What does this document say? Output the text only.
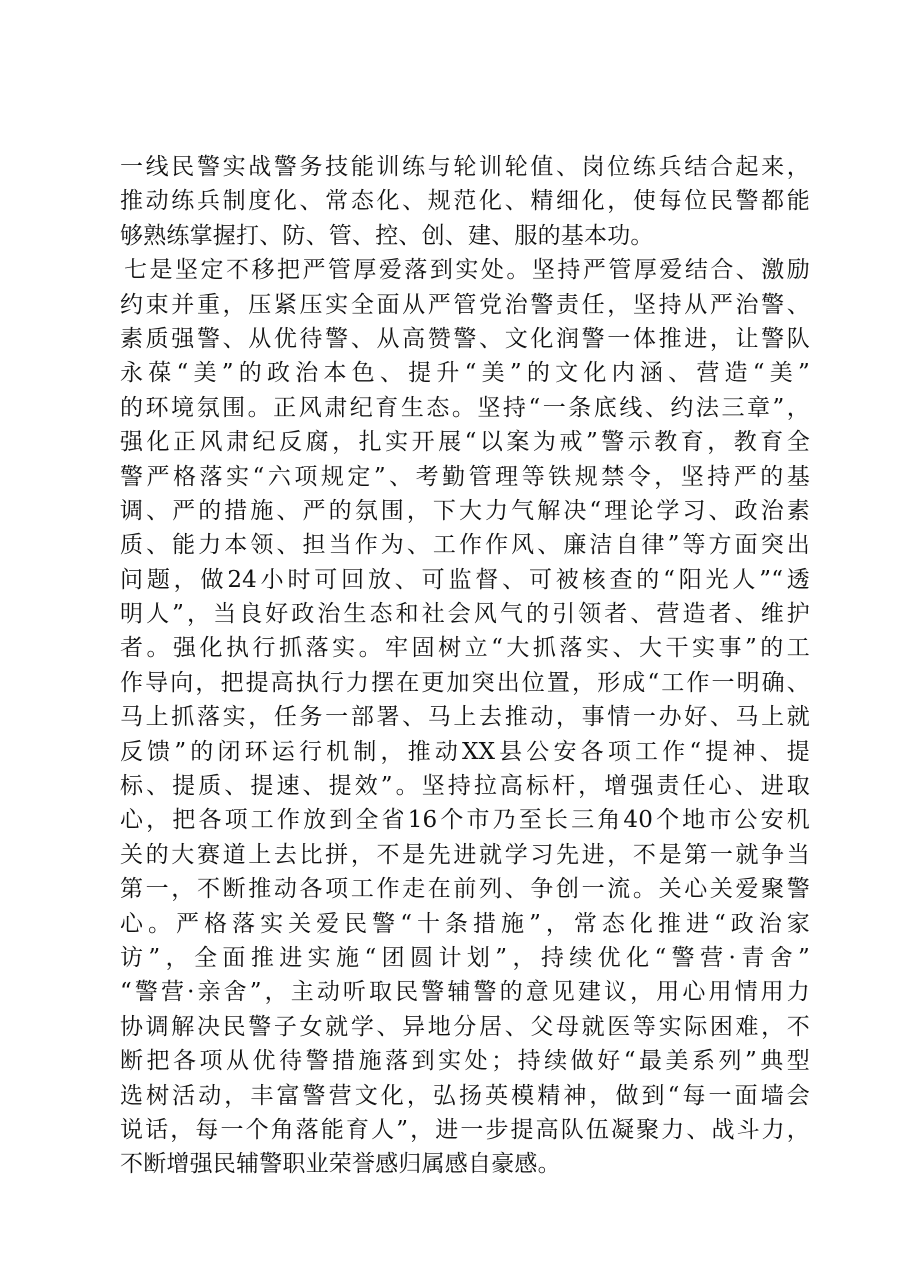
一线民警实战警务技能训练与轮训轮值、岗位练兵结合起来，
推动练兵制度化、常态化、规范化、精细化，使每位民警都能
够熟练掌握打、防、管、控、创、建、服的基本功。
七是坚定不移把严管厚爱落到实处。坚持严管厚爱结合、激励
约束并重，压紧压实全面从严管党治警责任，坚持从严治警、
素质强警、从优待警、从高赞警、文化润警一体推进，让警队
永葆“美”的政治本色、提升“美”的文化内涵、营造“美”
的环境氛围。正风肃纪育生态。坚持“一条底线、约法三章”，
强化正风肃纪反腐，扎实开展“以案为戒”警示教育，教育全
警严格落实“六项规定”、考勤管理等铁规禁令，坚持严的基
调、严的措施、严的氛围，下大力气解决“理论学习、政治素
质、能力本领、担当作为、工作作风、廉洁自律”等方面突出
问题，做24小时可回放、可监督、可被核查的“阳光人”“透
明人”，当良好政治生态和社会风气的引领者、营造者、维护
者。强化执行抓落实。牢固树立“大抓落实、大干实事”的工
作导向，把提高执行力摆在更加突出位置，形成“工作一明确、
马上抓落实，任务一部署、马上去推动，事情一办好、马上就
反馈”的闭环运行机制，推动XX县公安各项工作“提神、提
标、提质、提速、提效”。坚持拉高标杆，增强责任心、进取
心，把各项工作放到全省16个市乃至长三角40个地市公安机
关的大赛道上去比拼，不是先进就学习先进，不是第一就争当
第一，不断推动各项工作走在前列、争创一流。关心关爱聚警
心。严格落实关爱民警“十条措施”，常态化推进“政治家
访”，全面推进实施“团圆计划”，持续优化“警营·青舍”
“警营·亲舍”，主动听取民警辅警的意见建议，用心用情用力
协调解决民警子女就学、异地分居、父母就医等实际困难，不
断把各项从优待警措施落到实处；持续做好“最美系列”典型
选树活动，丰富警营文化，弘扬英模精神，做到“每一面墙会
说话，每一个角落能育人”，进一步提高队伍凝聚力、战斗力，
不断增强民辅警职业荣誉感归属感自豪感。
